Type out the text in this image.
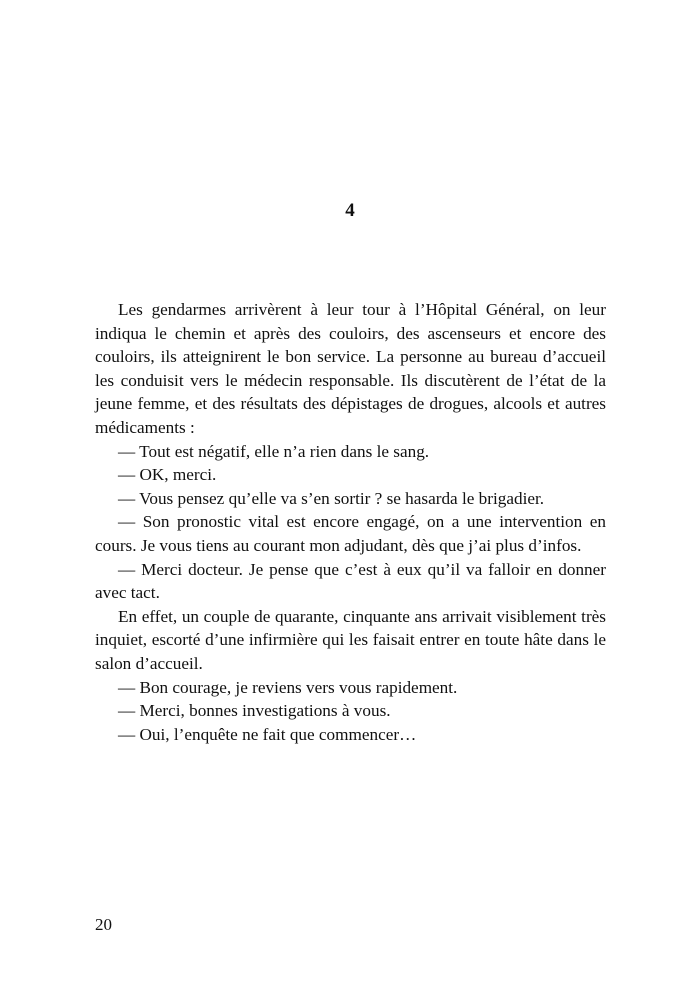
4

Les gendarmes arrivèrent à leur tour à l’Hôpital Général, on leur indiqua le chemin et après des couloirs, des ascenseurs et encore des couloirs, ils atteignirent le bon service. La personne au bureau d’accueil les conduisit vers le médecin responsable. Ils discutèrent de l’état de la jeune femme, et des résultats des dépistages de drogues, alcools et autres médicaments :

— Tout est négatif, elle n’a rien dans le sang.

— OK, merci.

— Vous pensez qu’elle va s’en sortir ? se hasarda le brigadier.

— Son pronostic vital est encore engagé, on a une intervention en cours. Je vous tiens au courant mon adjudant, dès que j’ai plus d’infos.

— Merci docteur. Je pense que c’est à eux qu’il va falloir en donner avec tact.

En effet, un couple de quarante, cinquante ans arrivait visiblement très inquiet, escorté d’une infirmière qui les faisait entrer en toute hâte dans le salon d’accueil.

— Bon courage, je reviens vers vous rapidement.

— Merci, bonnes investigations à vous.

— Oui, l’enquête ne fait que commencer…

20
